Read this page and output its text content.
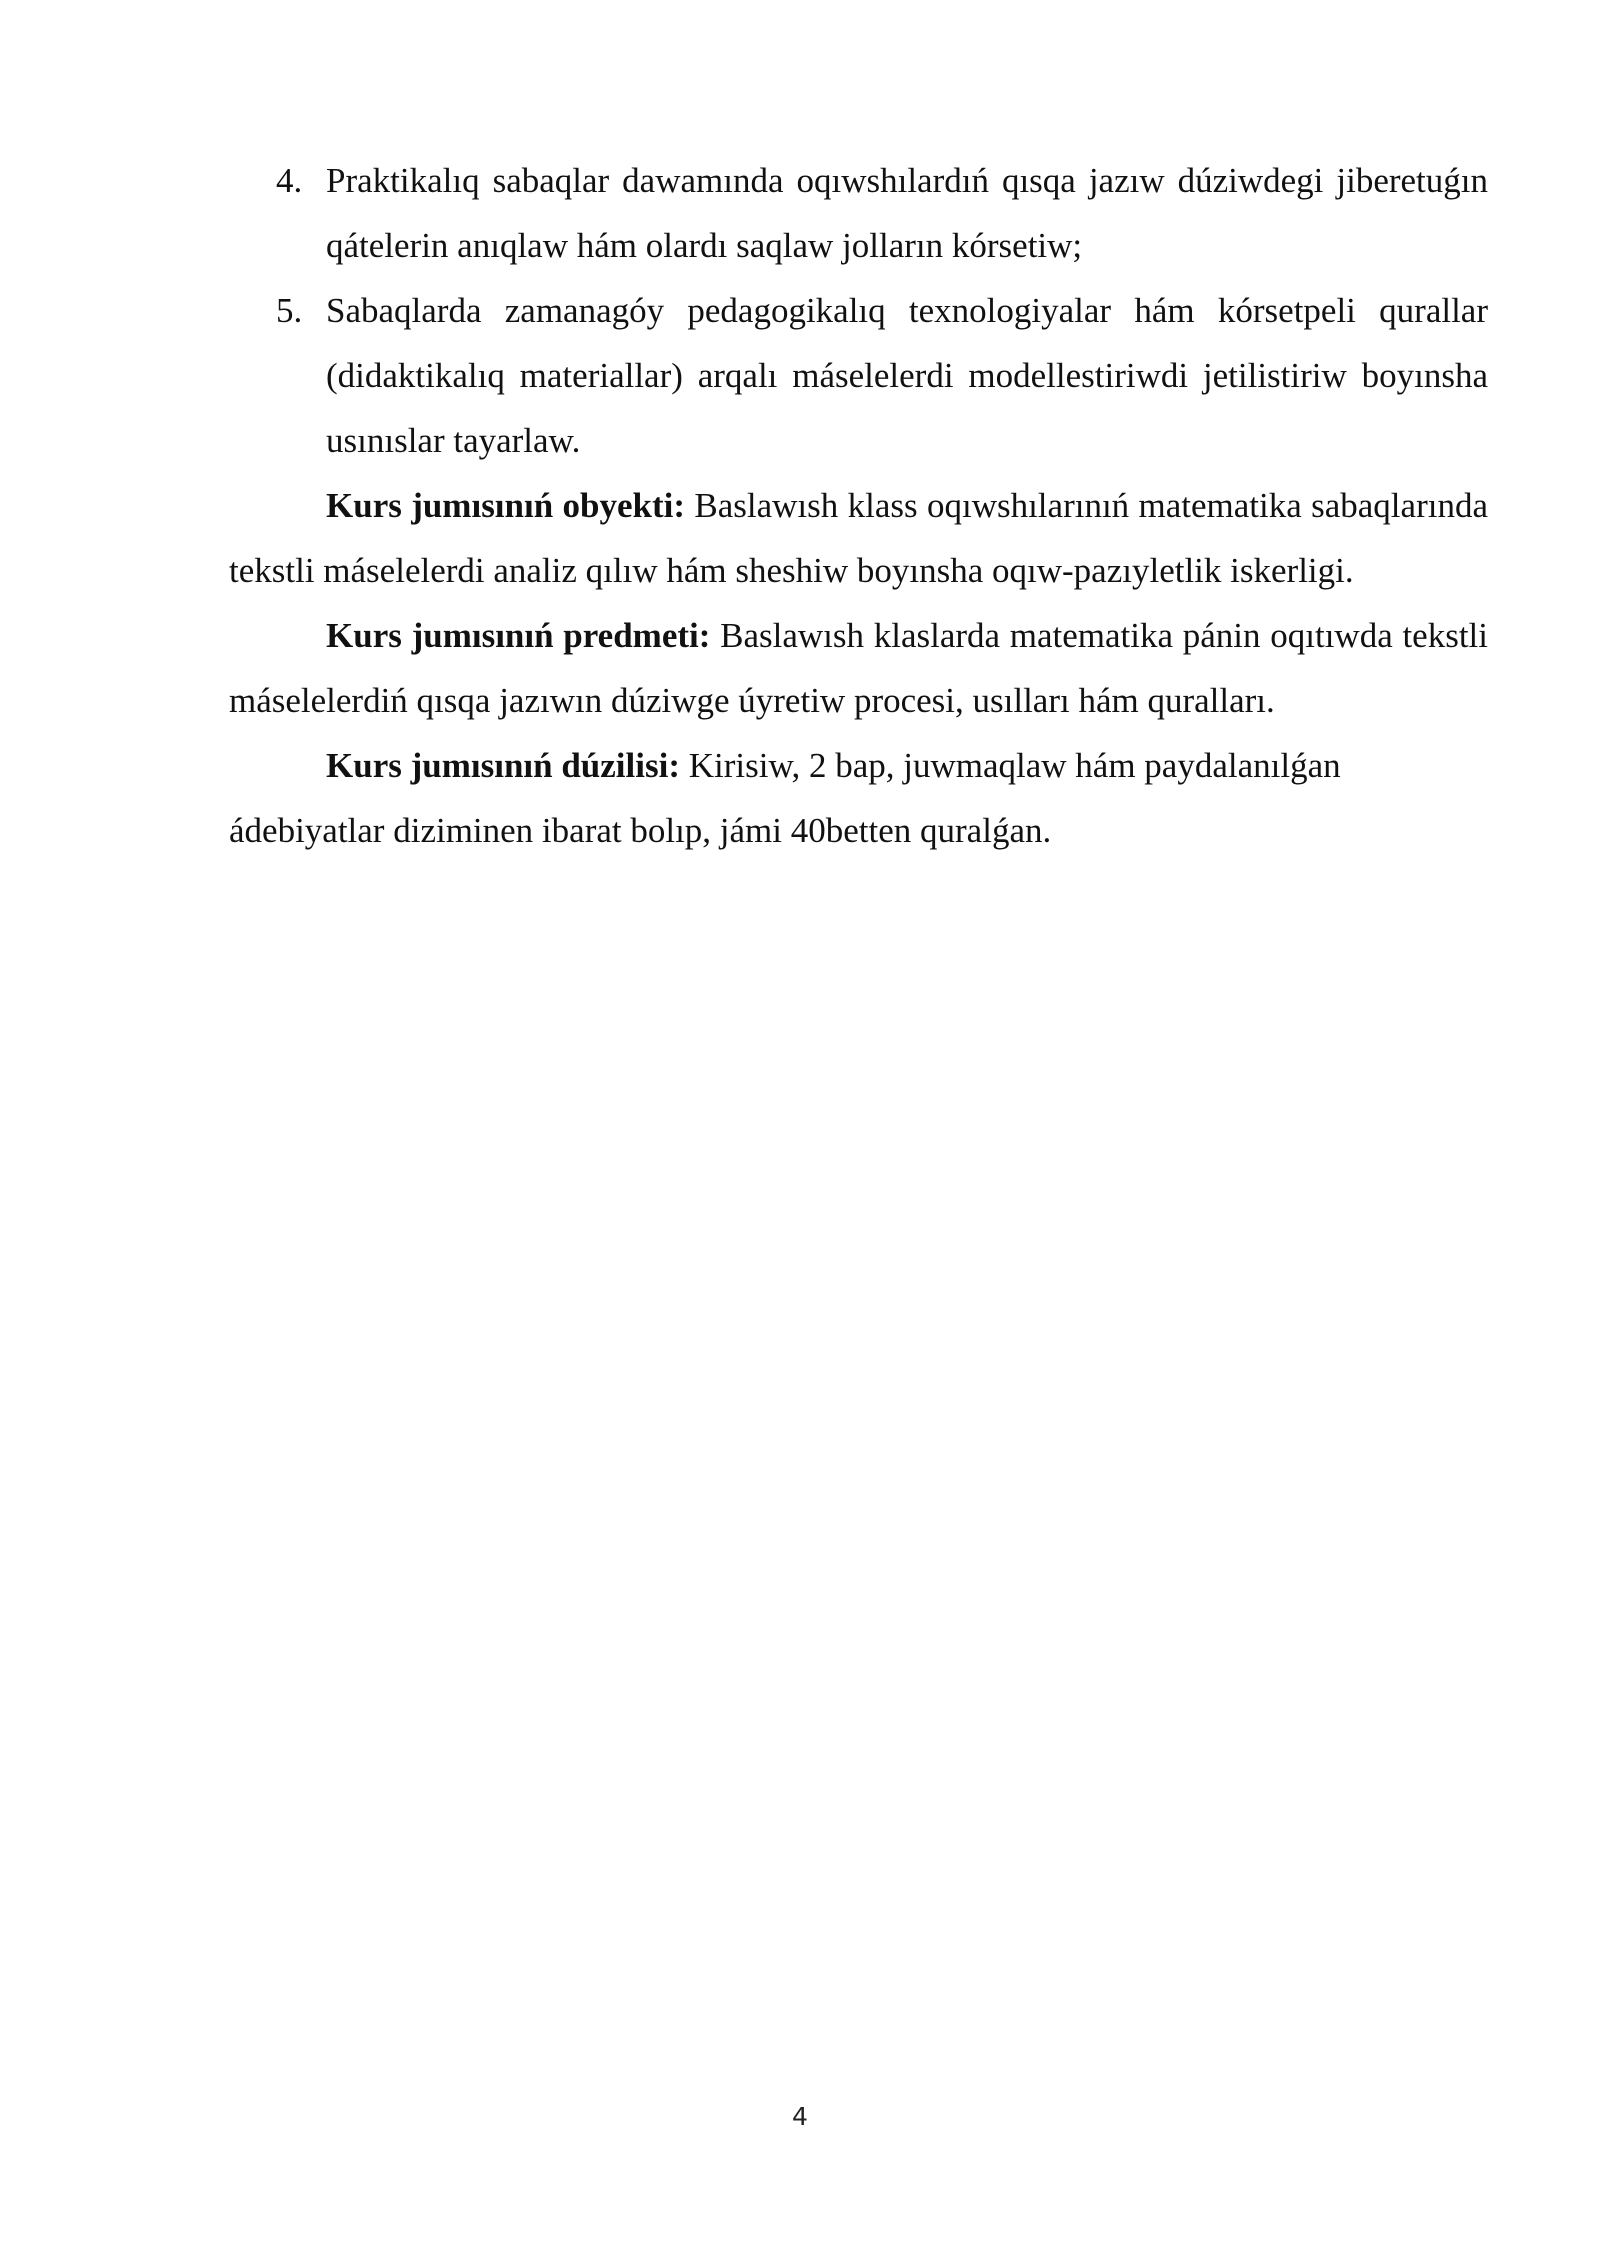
4. Praktikalıq sabaqlar dawamında oqıwshılardıń qısqa jazıw dúziwdegi jiberetuǵın qátelerin anıqlaw hám olardı saqlaw jolların kórsetiw;
5. Sabaqlarda zamanagóy pedagogikalıq texnologiyalar hám kórsetpeli qurallar (didaktikalıq materiallar) arqalı máselelerdi modellestiriwdi jetilistiriw boyınsha usınıslar tayarlaw.

Kurs jumısınıń obyekti: Baslawısh klass oqıwshılarınıń matematika sabaqlarında tekstli máselelerdi analiz qılıw hám sheshiw boyınsha oqıw-pazıyletlik iskerligi.

Kurs jumısınıń predmeti: Baslawısh klaslarda matematika pánin oqıtıwda tekstli máselelerdiń qısqa jazıwın dúziwge úyretiw procesi, usılları hám quralları.

Kurs jumısınıń dúzilisi: Kirisiw, 2 bap, juwmaqlaw hám paydalanılǵan ádebiyatlar diziminen ibarat bolıp, jámi 40betten quralǵan.

4
